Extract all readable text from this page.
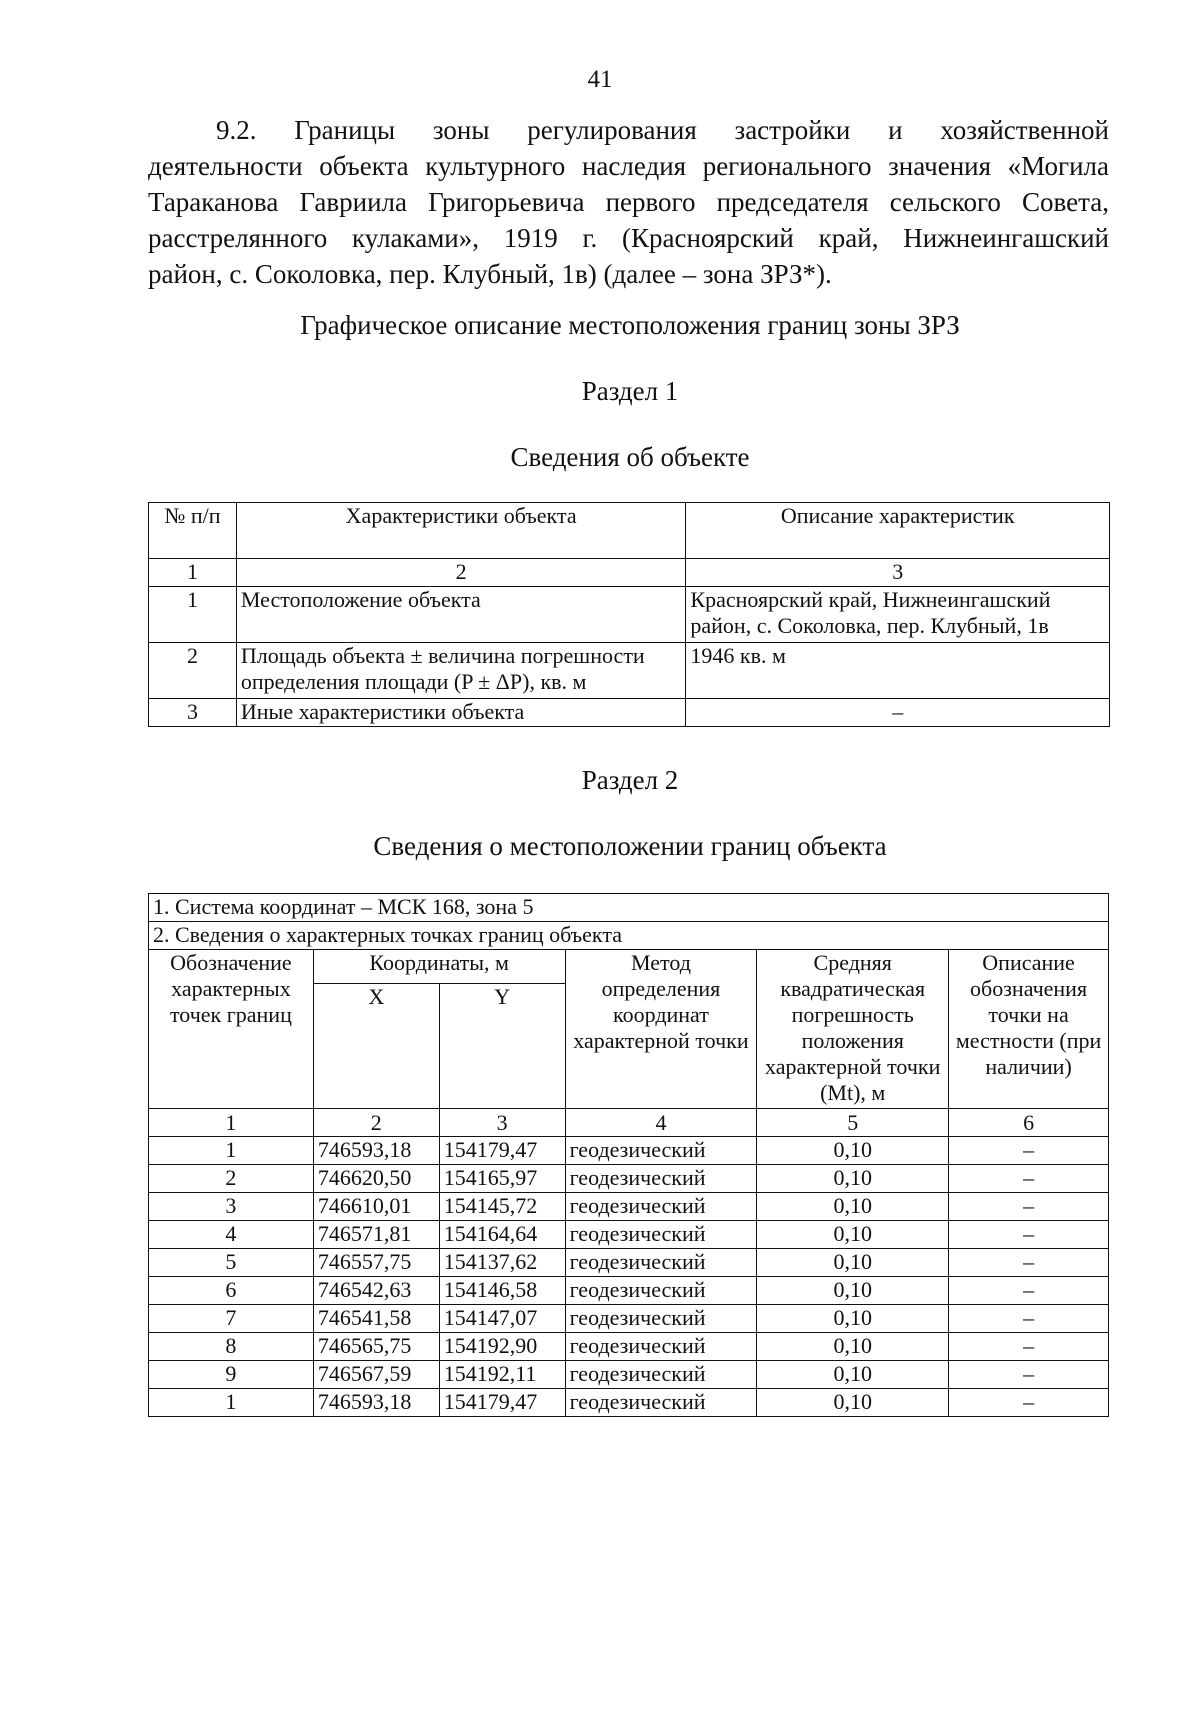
41
9.2. Границы зоны регулирования застройки и хозяйственной
деятельности объекта культурного наследия регионального значения «Могила
Тараканова Гавриила Григорьевича первого председателя сельского Совета,
расстрелянного кулаками», 1919 г. (Красноярский край, Нижнеингашский
район, с. Соколовка, пер. Клубный, 1в) (далее – зона ЗРЗ*).
Графическое описание местоположения границ зоны ЗРЗ
Раздел 1
Сведения об объекте
№ п/п	Характеристики объекта	Описание характеристик
1	2	3
1	Местоположение объекта	Красноярский край, Нижнеингашский район, с. Соколовка, пер. Клубный, 1в
2	Площадь объекта ± величина погрешности определения площади (P ± ΔP), кв. м	1946 кв. м
3	Иные характеристики объекта	–
Раздел 2
Сведения о местоположении границ объекта
1. Система координат – МСК 168, зона 5					
2. Сведения о характерных точках границ объекта					
Обозначение характерных точек границ	Координаты, м		Метод определения координат характерной точки	Средняя квадратическая погрешность положения характерной точки (Mt), м	Описание обозначения точки на местности (при наличии)
	X	Y			
1	2	3	4	5	6
1	746593,18	154179,47	геодезический	0,10	–
2	746620,50	154165,97	геодезический	0,10	–
3	746610,01	154145,72	геодезический	0,10	–
4	746571,81	154164,64	геодезический	0,10	–
5	746557,75	154137,62	геодезический	0,10	–
6	746542,63	154146,58	геодезический	0,10	–
7	746541,58	154147,07	геодезический	0,10	–
8	746565,75	154192,90	геодезический	0,10	–
9	746567,59	154192,11	геодезический	0,10	–
1	746593,18	154179,47	геодезический	0,10	–
